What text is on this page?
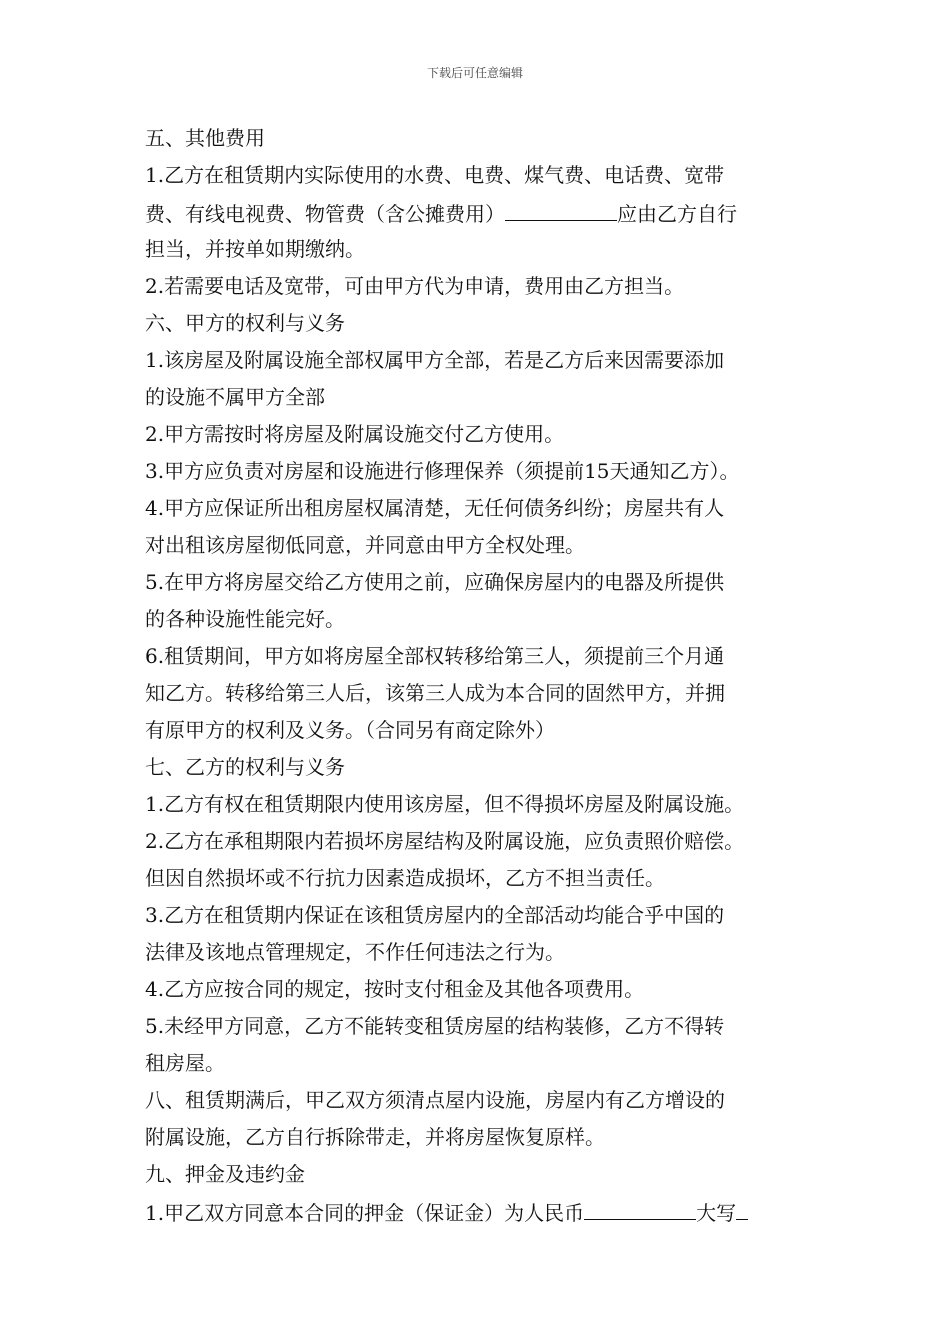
下载后可任意编辑
五、其他费用
1.乙方在租赁期内实际使用的水费、电费、煤气费、电话费、宽带
费、有线电视费、物管费（含公摊费用）	应由乙方自行
担当，并按单如期缴纳。
2.若需要电话及宽带，可由甲方代为申请，费用由乙方担当。
六、甲方的权利与义务
1.该房屋及附属设施全部权属甲方全部，若是乙方后来因需要添加
的设施不属甲方全部
2.甲方需按时将房屋及附属设施交付乙方使用。
3.甲方应负责对房屋和设施进行修理保养（须提前15天通知乙方）。
4.甲方应保证所出租房屋权属清楚，无任何债务纠纷；房屋共有人
对出租该房屋彻低同意，并同意由甲方全权处理。
5.在甲方将房屋交给乙方使用之前，应确保房屋内的电器及所提供
的各种设施性能完好。
6.租赁期间，甲方如将房屋全部权转移给第三人，须提前三个月通
知乙方。转移给第三人后，该第三人成为本合同的固然甲方，并拥
有原甲方的权利及义务。（合同另有商定除外）
七、乙方的权利与义务
1.乙方有权在租赁期限内使用该房屋，但不得损坏房屋及附属设施。
2.乙方在承租期限内若损坏房屋结构及附属设施，应负责照价赔偿。
但因自然损坏或不行抗力因素造成损坏，乙方不担当责任。
3.乙方在租赁期内保证在该租赁房屋内的全部活动均能合乎中国的
法律及该地点管理规定，不作任何违法之行为。
4.乙方应按合同的规定，按时支付租金及其他各项费用。
5.未经甲方同意，乙方不能转变租赁房屋的结构装修，乙方不得转
租房屋。
八、租赁期满后，甲乙双方须清点屋内设施，房屋内有乙方增设的
附属设施，乙方自行拆除带走，并将房屋恢复原样。
九、押金及违约金
1.甲乙双方同意本合同的押金（保证金）为人民币	大写
